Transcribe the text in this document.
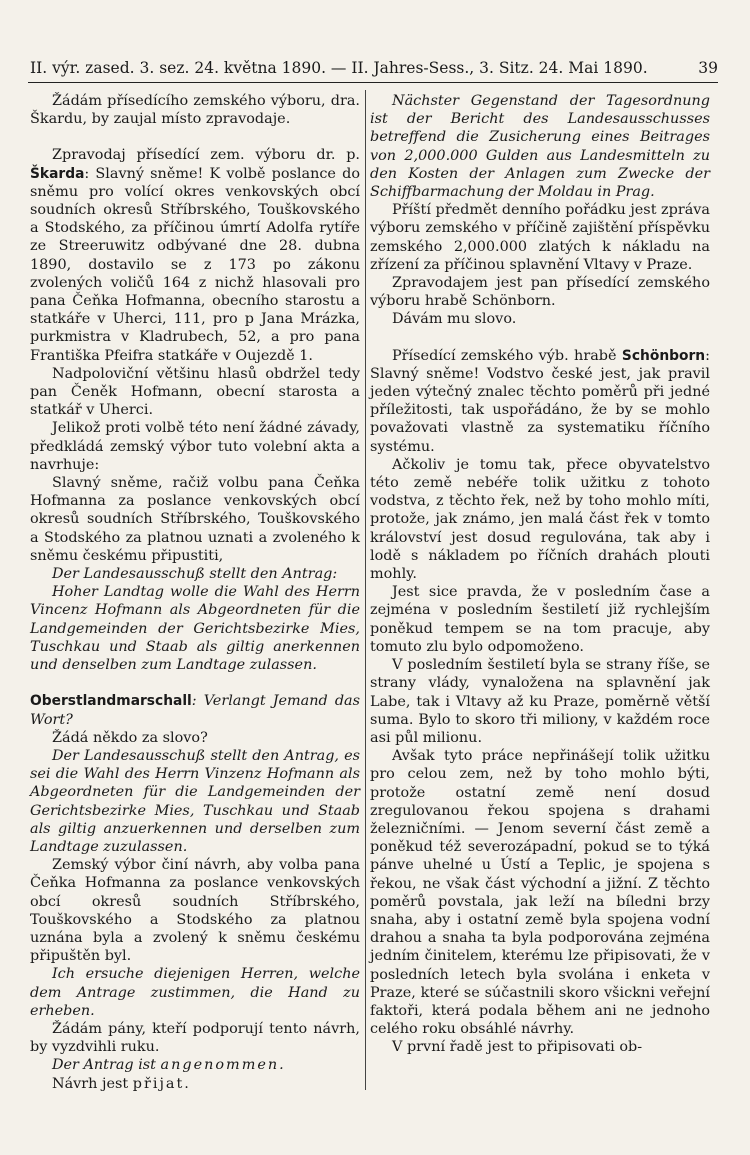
II. výr. zased. 3. sez. 24. května 1890. — II. Jahres-Sess., 3. Sitz. 24. Mai 1890.	39

Žádám přísedícího zemského výboru, dra. Škardu, by zaujal místo zpravodaje.

Zpravodaj přísedící zem. výboru dr. p. Škarda: Slavný sněme! K volbě poslance do sněmu pro volící okres venkovských obcí soudních okresů Stříbrského, Touškovského a Stodského, za příčinou úmrtí Adolfa rytíře ze Streeruwitz odbývané dne 28. dubna 1890, dostavilo se z 173 po zákonu zvolených voličů 164 z nichž hlasovali pro pana Čeňka Hofmanna, obecního starostu a statkáře v Uherci, 111, pro p Jana Mrázka, purkmistra v Kladrubech, 52, a pro pana Františka Pfeifra statkáře v Oujezdě 1.

Nadpoloviční většinu hlasů obdržel tedy pan Čeněk Hofmann, obecní starosta a statkář v Uherci.

Jelikož proti volbě této není žádné závady, předkládá zemský výbor tuto volební akta a navrhuje:

Slavný sněme, račiž volbu pana Čeňka Hofmanna za poslance venkovských obcí okresů soudních Stříbrského, Touškovského a Stodského za platnou uznati a zvoleného k sněmu českému připustiti,

Der Landesausschuß stellt den Antrag:

Hoher Landtag wolle die Wahl des Herrn Vincenz Hofmann als Abgeordneten für die Landgemeinden der Gerichtsbezirke Mies, Tuschkau und Staab als giltig anerkennen und denselben zum Landtage zulassen.

Oberstlandmarschall: Verlangt Jemand das Wort?

Žádá někdo za slovo?

Der Landesausschuß stellt den Antrag, es sei die Wahl des Herrn Vinzenz Hofmann als Abgeordneten für die Landgemeinden der Gerichtsbezirke Mies, Tuschkau und Staab als giltig anzuerkennen und derselben zum Landtage zuzulassen.

Zemský výbor činí návrh, aby volba pana Čeňka Hofmanna za poslance venkovských obcí okresů soudních Stříbrského, Touškovského a Stodského za platnou uznána byla a zvolený k sněmu českému připuštěn byl.

Ich ersuche diejenigen Herren, welche dem Antrage zustimmen, die Hand zu erheben.

Žádám pány, kteří podporují tento návrh, by vyzdvihli ruku.

Der Antrag ist angenommen.

Návrh jest přijat.

Nächster Gegenstand der Tagesordnung ist der Bericht des Landesausschusses betreffend die Zusicherung eines Beitrages von 2,000.000 Gulden aus Landesmitteln zu den Kosten der Anlagen zum Zwecke der Schiffbarmachung der Moldau in Prag.

Příští předmět denního pořádku jest zpráva výboru zemského v příčině zajištění příspěvku zemského 2,000.000 zlatých k nákladu na zřízení za příčinou splavnění Vltavy v Praze.

Zpravodajem jest pan přísedící zemského výboru hrabě Schönborn.

Dávám mu slovo.

Přísedící zemského výb. hrabě Schönborn: Slavný sněme! Vodstvo české jest, jak pravil jeden výtečný znalec těchto poměrů při jedné příležitosti, tak uspořádáno, že by se mohlo považovati vlastně za systematiku říčního systému.

Ačkoliv je tomu tak, přece obyvatelstvo této země nebéře tolik užitku z tohoto vodstva, z těchto řek, než by toho mohlo míti, protože, jak známo, jen malá část řek v tomto království jest dosud regulována, tak aby i lodě s nákladem po říčních drahách plouti mohly.

Jest sice pravda, že v posledním čase a zejména v posledním šestiletí již rychlejším poněkud tempem se na tom pracuje, aby tomuto zlu bylo odpomoženo.

V posledním šestiletí byla se strany říše, se strany vlády, vynaložena na splavnění jak Labe, tak i Vltavy až ku Praze, poměrně větší suma. Bylo to skoro tři miliony, v každém roce asi půl milionu.

Avšak tyto práce nepřinášejí tolik užitku pro celou zem, než by toho mohlo býti, protože ostatní země není dosud zregulovanou řekou spojena s drahami železničními. — Jenom severní část země a poněkud též severozápadní, pokud se to týká pánve uhelné u Ústí a Teplic, je spojena s řekou, ne však část východní a jižní. Z těchto poměrů povstala, jak leží na bíledni brzy snaha, aby i ostatní země byla spojena vodní drahou a snaha ta byla podporována zejména jedním činitelem, kterému lze připisovati, že v posledních letech byla svolána i enketa v Praze, které se súčastnili skoro všickni veřejní faktoři, která podala během ani ne jednoho celého roku obsáhlé návrhy.

V první řadě jest to připisovati ob-
